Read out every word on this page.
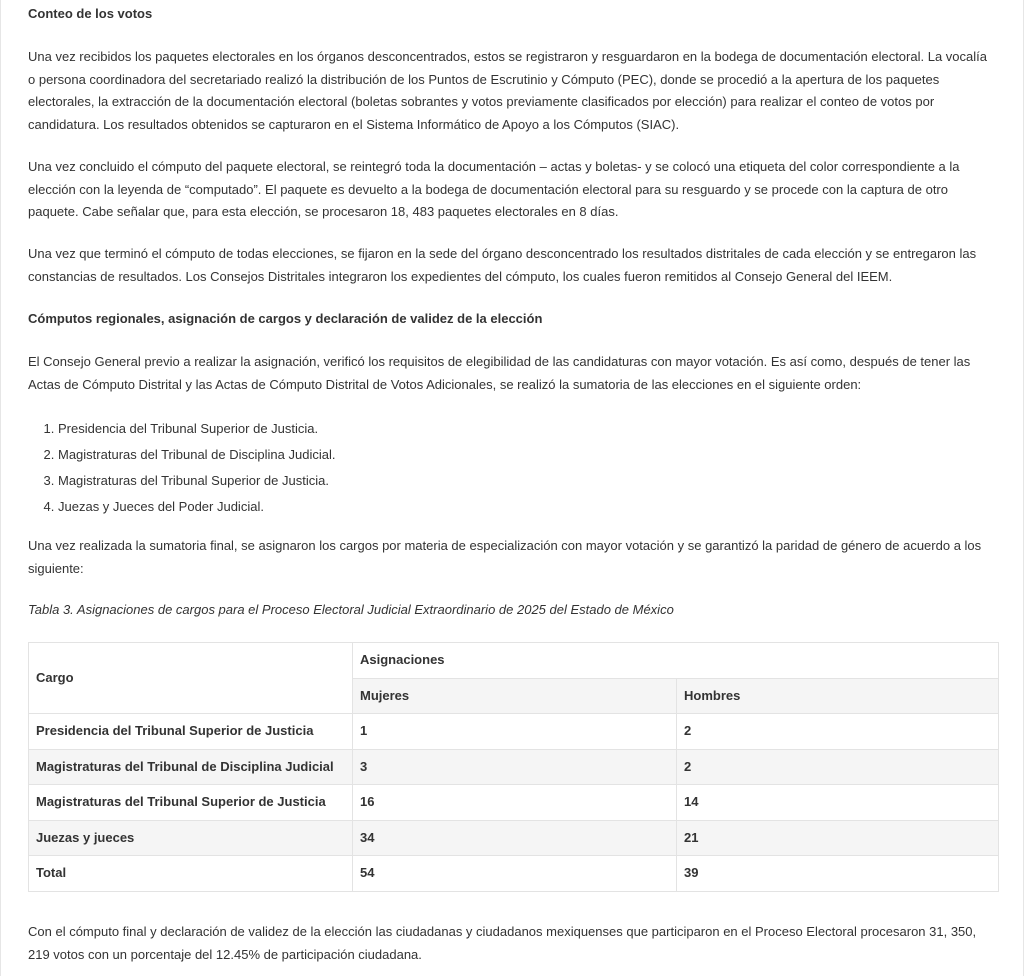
Conteo de los votos

Una vez recibidos los paquetes electorales en los órganos desconcentrados, estos se registraron y resguardaron en la bodega de documentación electoral. La vocalía o persona coordinadora del secretariado realizó la distribución de los Puntos de Escrutinio y Cómputo (PEC), donde se procedió a la apertura de los paquetes electorales, la extracción de la documentación electoral (boletas sobrantes y votos previamente clasificados por elección) para realizar el conteo de votos por candidatura. Los resultados obtenidos se capturaron en el Sistema Informático de Apoyo a los Cómputos (SIAC).

Una vez concluido el cómputo del paquete electoral, se reintegró toda la documentación – actas y boletas- y se colocó una etiqueta del color correspondiente a la elección con la leyenda de “computado”. El paquete es devuelto a la bodega de documentación electoral para su resguardo y se procede con la captura de otro paquete. Cabe señalar que, para esta elección, se procesaron 18, 483 paquetes electorales en 8 días.

Una vez que terminó el cómputo de todas elecciones, se fijaron en la sede del órgano desconcentrado los resultados distritales de cada elección y se entregaron las constancias de resultados. Los Consejos Distritales integraron los expedientes del cómputo, los cuales fueron remitidos al Consejo General del IEEM.

Cómputos regionales, asignación de cargos y declaración de validez de la elección

El Consejo General previo a realizar la asignación, verificó los requisitos de elegibilidad de las candidaturas con mayor votación. Es así como, después de tener las Actas de Cómputo Distrital y las Actas de Cómputo Distrital de Votos Adicionales, se realizó la sumatoria de las elecciones en el siguiente orden:

1. Presidencia del Tribunal Superior de Justicia.
2. Magistraturas del Tribunal de Disciplina Judicial.
3. Magistraturas del Tribunal Superior de Justicia.
4. Juezas y Jueces del Poder Judicial.

Una vez realizada la sumatoria final, se asignaron los cargos por materia de especialización con mayor votación y se garantizó la paridad de género de acuerdo a los siguiente:

Tabla 3. Asignaciones de cargos para el Proceso Electoral Judicial Extraordinario de 2025 del Estado de México

Cargo	Asignaciones	
	Mujeres	Hombres
Presidencia del Tribunal Superior de Justicia	1	2
Magistraturas del Tribunal de Disciplina Judicial	3	2
Magistraturas del Tribunal Superior de Justicia	16	14
Juezas y jueces	34	21
Total	54	39

Con el cómputo final y declaración de validez de la elección las ciudadanas y ciudadanos mexiquenses que participaron en el Proceso Electoral procesaron 31, 350, 219 votos con un porcentaje del 12.45% de participación ciudadana.
